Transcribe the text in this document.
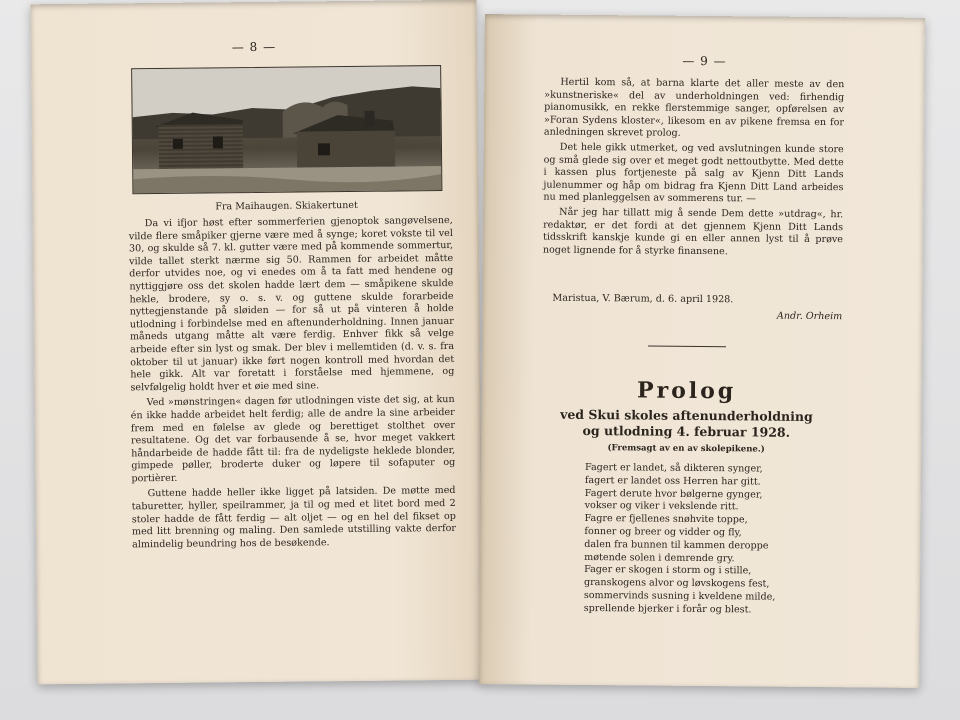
— 8 —
Fra Maihaugen. Skiakertunet

Da vi ifjor høst efter sommerferien gjenoptok sangøvelsene, vilde flere småpiker gjerne være med å synge; koret vokste til vel 30, og skulde så 7. kl. gutter være med på kommende sommertur, vilde tallet sterkt nærme sig 50. Rammen for arbeidet måtte derfor utvides noe, og vi enedes om å ta fatt med hendene og nyttiggjøre oss det skolen hadde lært dem — småpikene skulde hekle, brodere, sy o. s. v. og guttene skulde forarbeide nyttegjenstande på sløiden — for så ut på vinteren å holde utlodning i forbindelse med en aftenunderholdning. Innen januar måneds utgang måtte alt være ferdig. Enhver fikk så velge arbeide efter sin lyst og smak. Der blev i mellemtiden (d. v. s. fra oktober til ut januar) ikke ført nogen kontroll med hvordan det hele gikk. Alt var foretatt i forståelse med hjemmene, og selvfølgelig holdt hver et øie med sine.

Ved »mønstringen« dagen før utlodningen viste det sig, at kun én ikke hadde arbeidet helt ferdig; alle de andre la sine arbeider frem med en følelse av glede og berettiget stolthet over resultatene. Og det var forbausende å se, hvor meget vakkert håndarbeide de hadde fått til: fra de nydeligste heklede blonder, gimpede pøller, broderte duker og løpere til sofaputer og portièrer.

Guttene hadde heller ikke ligget på latsiden. De møtte med taburetter, hyller, speilrammer, ja til og med et litet bord med 2 stoler hadde de fått ferdig — alt oljet — og en hel del fikset op med litt brenning og maling. Den samlede utstilling vakte derfor almindelig beundring hos de besøkende.

— 9 —

Hertil kom så, at barna klarte det aller meste av den »kunstneriske« del av underholdningen ved: firhendig pianomusikk, en rekke flerstemmige sanger, opførelsen av »Foran Sydens kloster«, likesom en av pikene fremsa en for anledningen skrevet prolog.

Det hele gikk utmerket, og ved avslutningen kunde store og små glede sig over et meget godt nettoutbytte. Med dette i kassen plus fortjeneste på salg av Kjenn Ditt Lands julenummer og håp om bidrag fra Kjenn Ditt Land arbeides nu med planleggelsen av sommerens tur. —

Når jeg har tillatt mig å sende Dem dette »utdrag«, hr. redaktør, er det fordi at det gjennem Kjenn Ditt Lands tidsskrift kanskje kunde gi en eller annen lyst til å prøve noget lignende for å styrke finansene.

Maristua, V. Bærum, d. 6. april 1928.
Andr. Orheim
Prolog
ved Skui skoles aftenunderholdning
og utlodning 4. februar 1928.
(Fremsagt av en av skolepikene.)
Fagert er landet, så dikteren synger,
fagert er landet oss Herren har gitt.
Fagert derute hvor bølgerne gynger,
vokser og viker i vekslende ritt.
Fagre er fjellenes snøhvite toppe,
fonner og breer og vidder og fly,
dalen fra bunnen til kammen deroppe
møtende solen i demrende gry.
Fager er skogen i storm og i stille,
granskogens alvor og løvskogens fest,
sommervinds susning i kveldene milde,
sprellende bjerker i forår og blest.
